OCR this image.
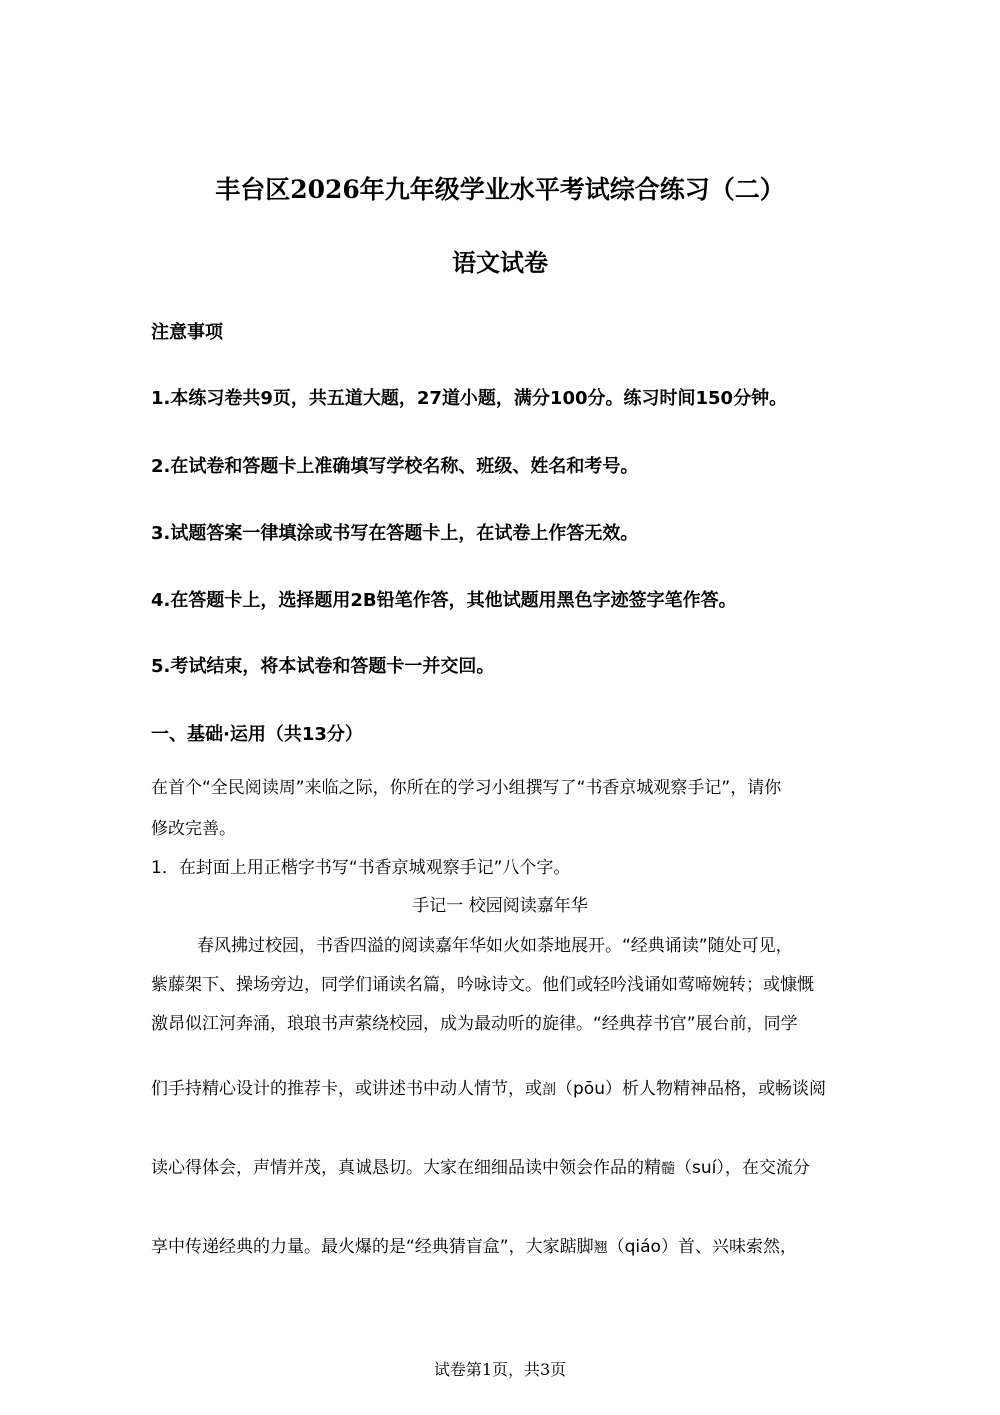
丰台区2026年九年级学业水平考试综合练习（二）
语文试卷
注意事项
1.本练习卷共9页，共五道大题，27道小题，满分100分。练习时间150分钟。
2.在试卷和答题卡上准确填写学校名称、班级、姓名和考号。
3.试题答案一律填涂或书写在答题卡上，在试卷上作答无效。
4.在答题卡上，选择题用2B铅笔作答，其他试题用黑色字迹签字笔作答。
5.考试结束，将本试卷和答题卡一并交回。
一、基础·运用（共13分）
在首个“全民阅读周”来临之际，你所在的学习小组撰写了“书香京城观察手记”，请你
修改完善。
1．在封面上用正楷字书写“书香京城观察手记”八个字。
手记一 校园阅读嘉年华
春风拂过校园，书香四溢的阅读嘉年华如火如荼地展开。“经典诵读”随处可见，
紫藤架下、操场旁边，同学们诵读名篇，吟咏诗文。他们或轻吟浅诵如莺啼婉转；或慷慨
激昂似江河奔涌，琅琅书声萦绕校园，成为最动听的旋律。“经典荐书官”展台前，同学
们手持精心设计的推荐卡，或讲述书中动人情节，或剖（pōu）析人物精神品格，或畅谈阅
读心得体会，声情并茂，真诚恳切。大家在细细品读中领会作品的精髓（suí），在交流分
享中传递经典的力量。最火爆的是“经典猜盲盒”，大家踮脚翘（qiáo）首、兴味索然，
试卷第1页，共3页
